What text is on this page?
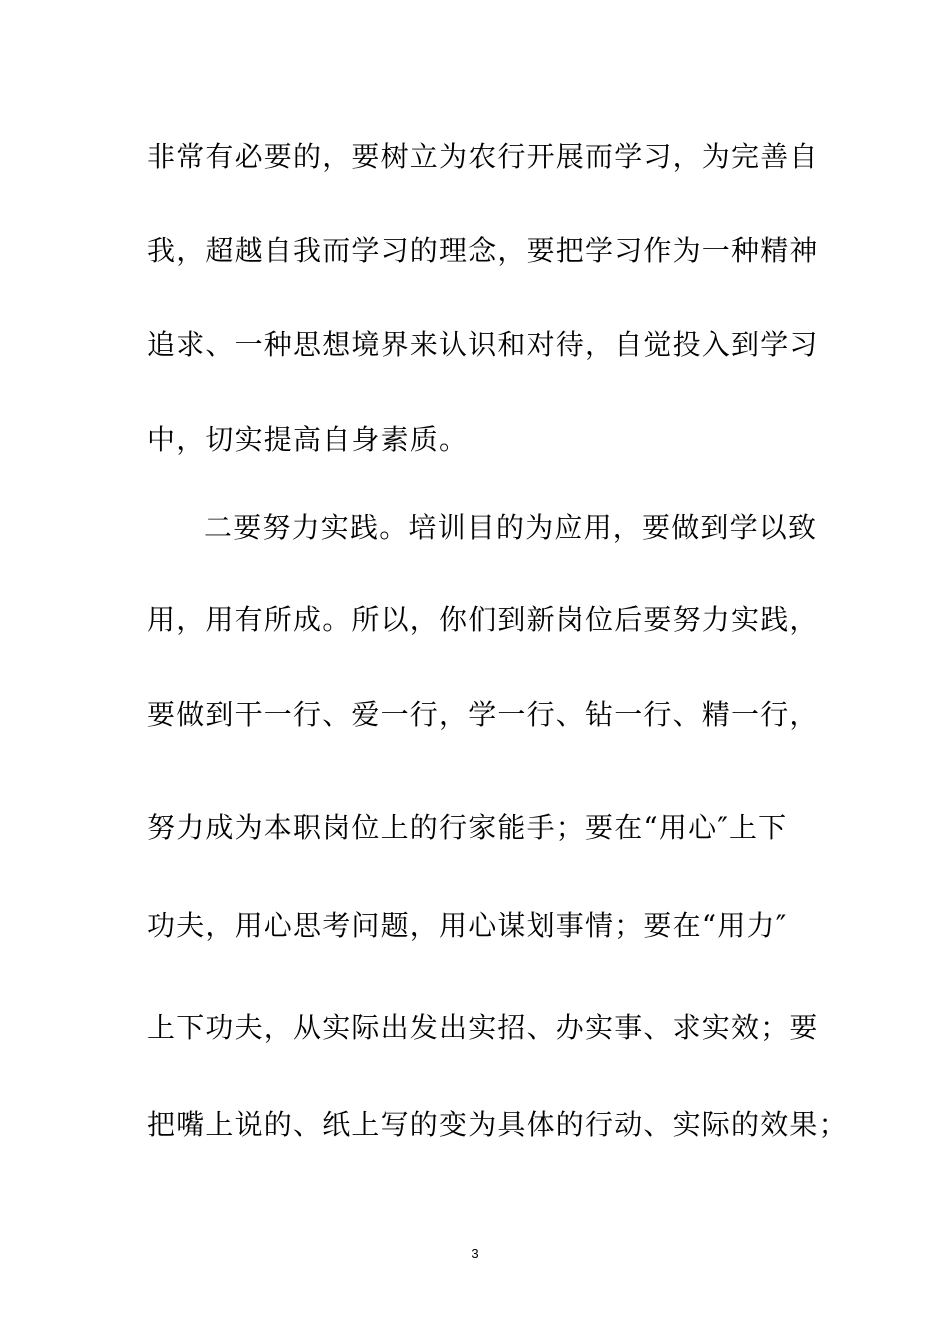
非常有必要的，要树立为农行开展而学习，为完善自
我，超越自我而学习的理念，要把学习作为一种精神
追求、一种思想境界来认识和对待，自觉投入到学习
中，切实提高自身素质。
二要努力实践。培训目的为应用，要做到学以致
用，用有所成。所以，你们到新岗位后要努力实践，
要做到干一行、爱一行，学一行、钻一行、精一行，
努力成为本职岗位上的行家能手；要在“用心″上下
功夫，用心思考问题，用心谋划事情；要在“用力″
上下功夫，从实际出发出实招、办实事、求实效；要
把嘴上说的、纸上写的变为具体的行动、实际的效果；
3
